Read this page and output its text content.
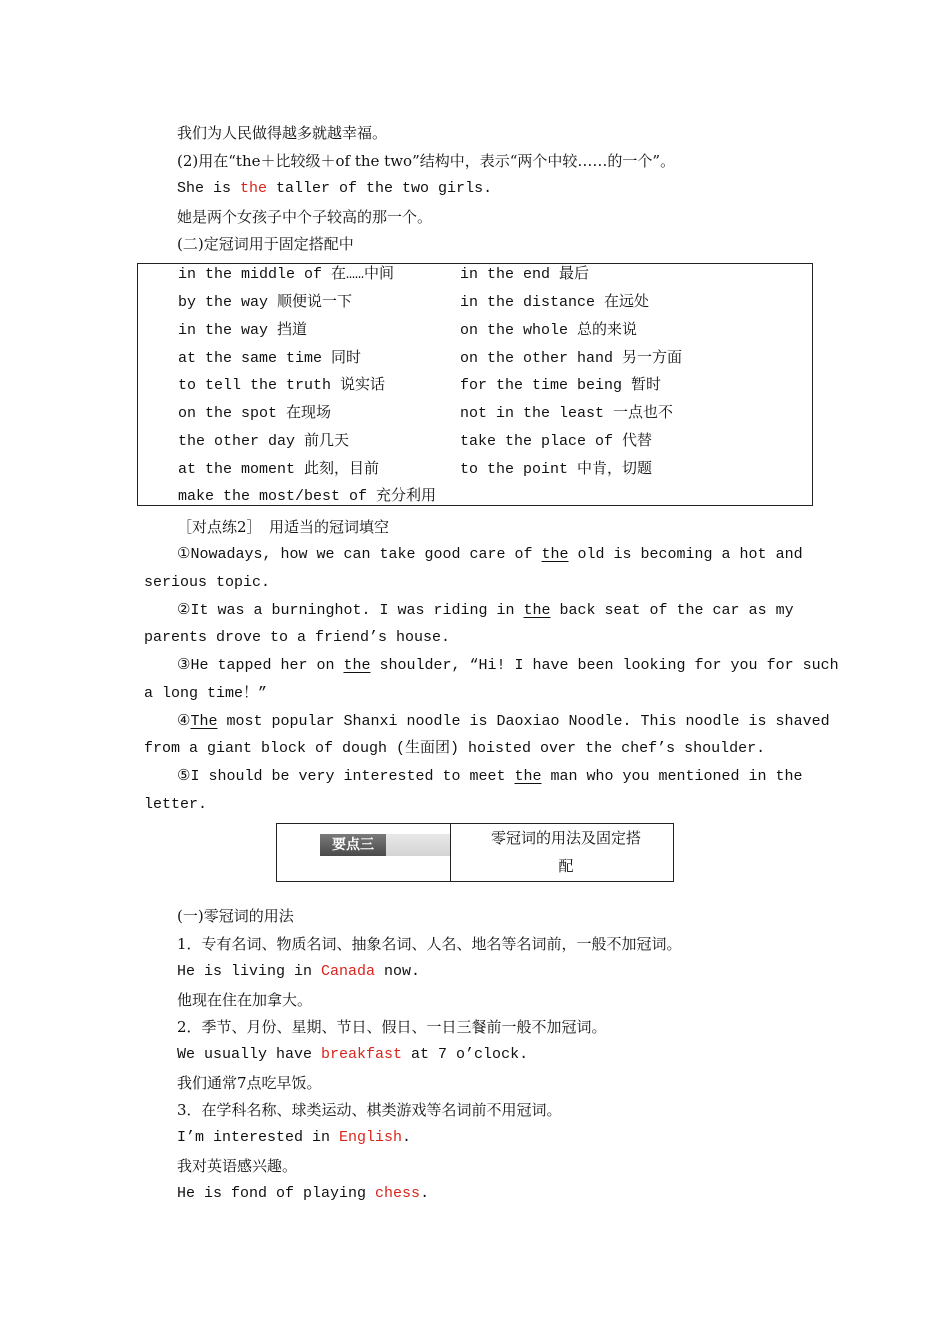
我们为人民做得越多就越幸福。
(2)用在“the＋比较级＋of the two”结构中，表示“两个中较……的一个”。
She is the taller of the two girls.
她是两个女孩子中个子较高的那一个。
(二)定冠词用于固定搭配中
in the middle of 在……中间
by the way 顺便说一下
in the way 挡道
at the same time 同时
to tell the truth 说实话
on the spot 在现场
the other day 前几天
at the moment 此刻，目前
make the most/best of 充分利用
in the end 最后
in the distance 在远处
on the whole 总的来说
on the other hand 另一方面
for the time being 暂时
not in the least 一点也不
take the place of 代替
to the point 中肯，切题
［对点练2］　用适当的冠词填空
①Nowadays, how we can take good care of the old is becoming a hot and
serious topic.
②It was a burninghot. I was riding in the back seat of the car as my
parents drove to a friend’s house.
③He tapped her on the shoulder, “Hi! I have been looking for you for such
a long time！”
④The most popular Shanxi noodle is Daoxiao Noodle. This noodle is shaved
from a giant block of dough (生面团) hoisted over the chef’s shoulder.
⑤I should be very interested to meet the man who you mentioned in the
letter.
要点三	零冠词的用法及固定搭
配
(一)零冠词的用法
1．专有名词、物质名词、抽象名词、人名、地名等名词前，一般不加冠词。
He is living in Canada now.
他现在住在加拿大。
2．季节、月份、星期、节日、假日、一日三餐前一般不加冠词。
We usually have breakfast at 7 o’clock.
我们通常7点吃早饭。
3．在学科名称、球类运动、棋类游戏等名词前不用冠词。
I’m interested in English.
我对英语感兴趣。
He is fond of playing chess.
